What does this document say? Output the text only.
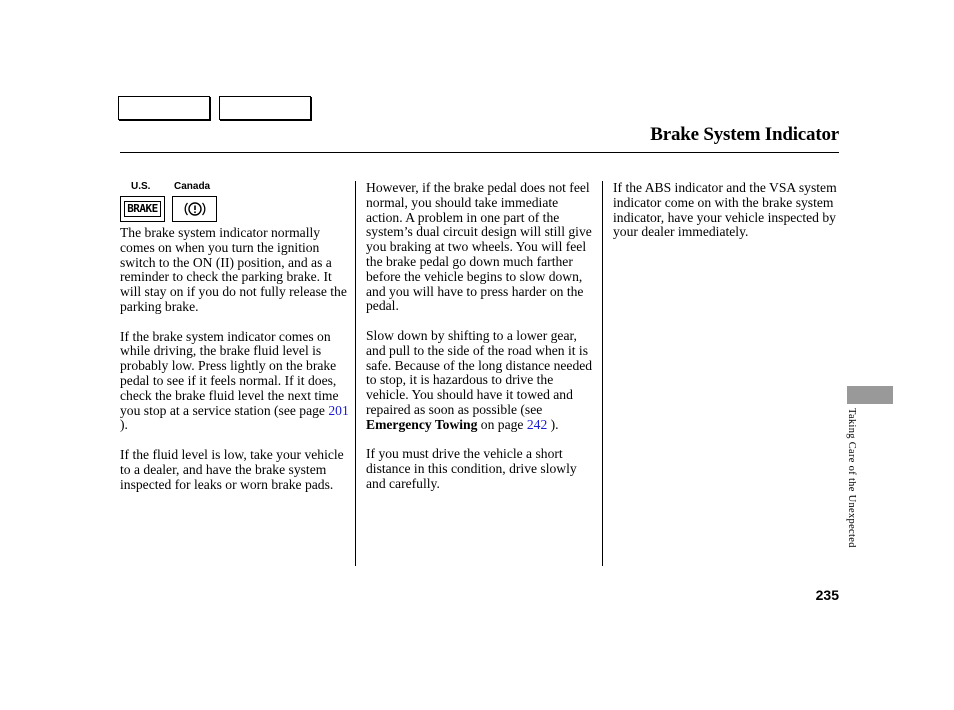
Brake System Indicator
U.S. Canada
BRAKE

The brake system indicator normally comes on when you turn the ignition switch to the ON (II) position, and as a reminder to check the parking brake. It will stay on if you do not fully release the parking brake.

If the brake system indicator comes on while driving, the brake fluid level is probably low. Press lightly on the brake pedal to see if it feels normal. If it does, check the brake fluid level the next time you stop at a service station (see page 201 ).

If the fluid level is low, take your vehicle to a dealer, and have the brake system inspected for leaks or worn brake pads.

However, if the brake pedal does not feel normal, you should take immediate action. A problem in one part of the system’s dual circuit design will still give you braking at two wheels. You will feel the brake pedal go down much farther before the vehicle begins to slow down, and you will have to press harder on the pedal.

Slow down by shifting to a lower gear, and pull to the side of the road when it is safe. Because of the long distance needed to stop, it is hazardous to drive the vehicle. You should have it towed and repaired as soon as possible (see Emergency Towing on page 242 ).

If you must drive the vehicle a short distance in this condition, drive slowly and carefully.

If the ABS indicator and the VSA system indicator come on with the brake system indicator, have your vehicle inspected by your dealer immediately.

Taking Care of the Unexpected
235
